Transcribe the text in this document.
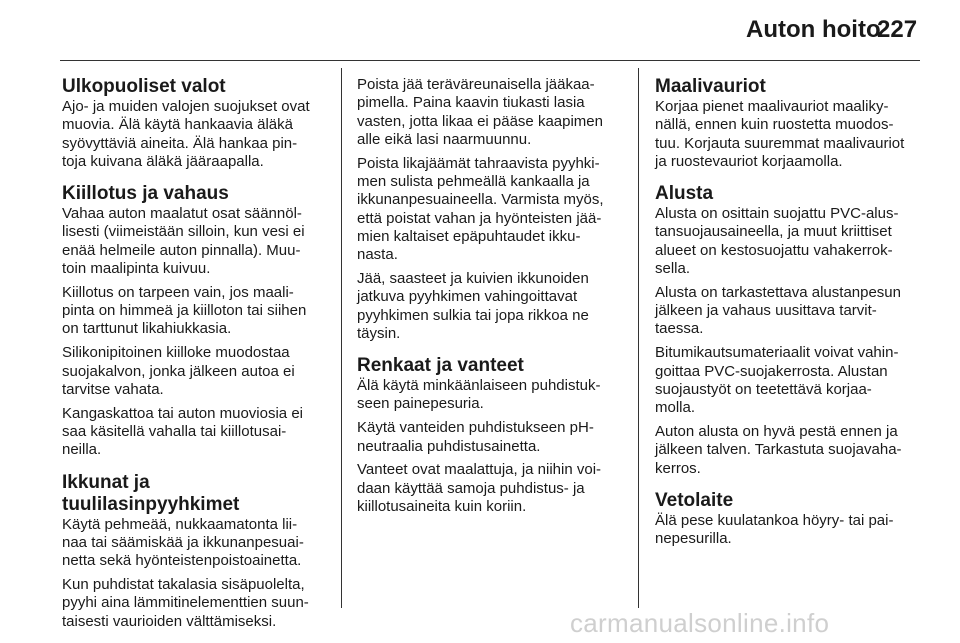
Auton hoito
227
Ulkopuoliset valot

Ajo- ja muiden valojen suojukset ovat
muovia. Älä käytä hankaavia äläkä
syövyttäviä aineita. Älä hankaa pin-
toja kuivana äläkä jääraapalla.

Kiillotus ja vahaus

Vahaa auton maalatut osat säännöl-
lisesti (viimeistään silloin, kun vesi ei
enää helmeile auton pinnalla). Muu-
toin maalipinta kuivuu.

Kiillotus on tarpeen vain, jos maali-
pinta on himmeä ja kiilloton tai siihen
on tarttunut likahiukkasia.

Silikonipitoinen kiilloke muodostaa
suojakalvon, jonka jälkeen autoa ei
tarvitse vahata.

Kangaskattoa tai auton muoviosia ei
saa käsitellä vahalla tai kiillotusai-
neilla.

Ikkunat ja tuulilasinpyyhkimet

Käytä pehmeää, nukkaamatonta lii-
naa tai säämiskää ja ikkunanpesuai-
netta sekä hyönteistenpoistoainetta.

Kun puhdistat takalasia sisäpuolelta,
pyyhi aina lämmitinelementtien suun-
taisesti vaurioiden välttämiseksi.

Poista jää teräväreunaisella jääkaa-
pimella. Paina kaavin tiukasti lasia
vasten, jotta likaa ei pääse kaapimen
alle eikä lasi naarmuunnu.

Poista likajäämät tahraavista pyyhki-
men sulista pehmeällä kankaalla ja
ikkunanpesuaineella. Varmista myös,
että poistat vahan ja hyönteisten jää-
mien kaltaiset epäpuhtaudet ikku-
nasta.

Jää, saasteet ja kuivien ikkunoiden
jatkuva pyyhkimen vahingoittavat
pyyhkimen sulkia tai jopa rikkoa ne
täysin.

Renkaat ja vanteet

Älä käytä minkäänlaiseen puhdistuk-
seen painepesuria.

Käytä vanteiden puhdistukseen pH-
neutraalia puhdistusainetta.

Vanteet ovat maalattuja, ja niihin voi-
daan käyttää samoja puhdistus- ja
kiillotusaineita kuin koriin.

Maalivauriot

Korjaa pienet maalivauriot maaliky-
nällä, ennen kuin ruostetta muodos-
tuu. Korjauta suuremmat maalivauriot
ja ruostevauriot korjaamolla.

Alusta

Alusta on osittain suojattu PVC-alus-
tansuojausaineella, ja muut kriittiset
alueet on kestosuojattu vahakerrok-
sella.

Alusta on tarkastettava alustanpesun
jälkeen ja vahaus uusittava tarvit-
taessa.

Bitumikautsumateriaalit voivat vahin-
goittaa PVC-suojakerrosta. Alustan
suojaustyöt on teetettävä korjaa-
molla.

Auton alusta on hyvä pestä ennen ja
jälkeen talven. Tarkastuta suojavaha-
kerros.

Vetolaite

Älä pese kuulatankoa höyry- tai pai-
nepesurilla.

carmanualsonline.info
